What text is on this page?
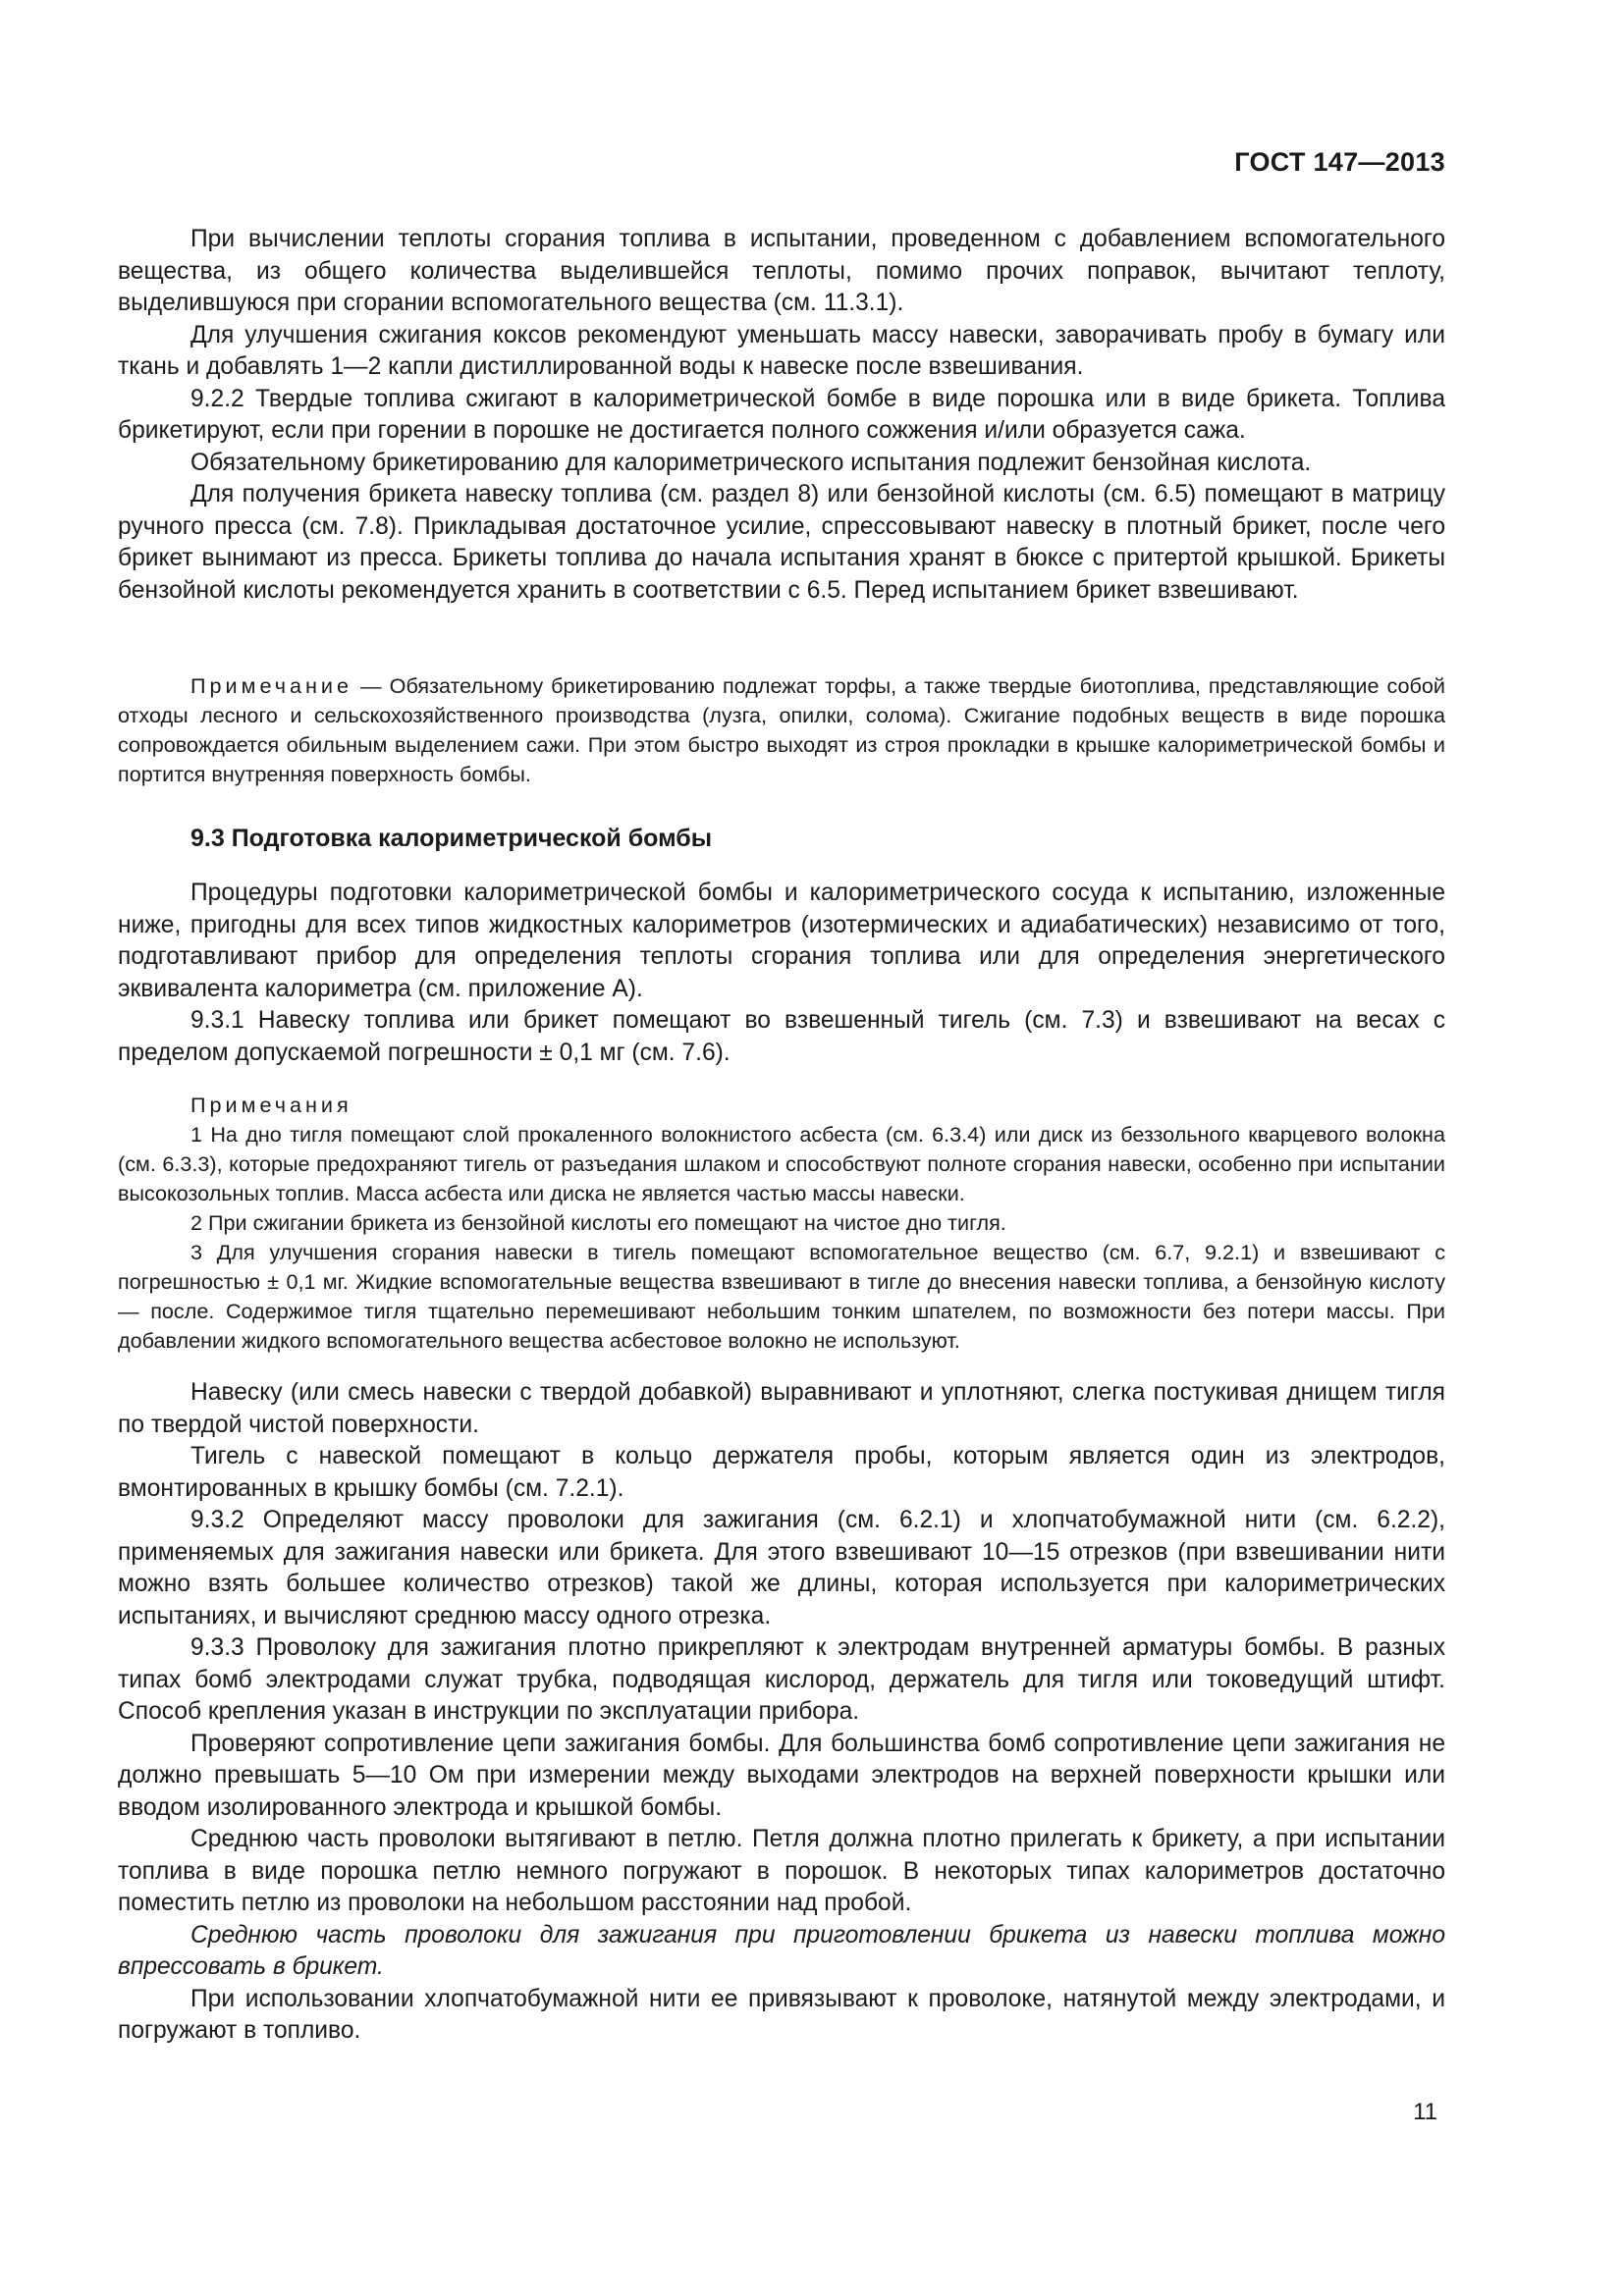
ГОСТ 147—2013

При вычислении теплоты сгорания топлива в испытании, проведенном с добавлением вспомогательного вещества, из общего количества выделившейся теплоты, помимо прочих поправок, вычитают теплоту, выделившуюся при сгорании вспомогательного вещества (см. 11.3.1).

Для улучшения сжигания коксов рекомендуют уменьшать массу навески, заворачивать пробу в бумагу или ткань и добавлять 1—2 капли дистиллированной воды к навеске после взвешивания.

9.2.2 Твердые топлива сжигают в калориметрической бомбе в виде порошка или в виде брикета. Топлива брикетируют, если при горении в порошке не достигается полного сожжения и/или образуется сажа.

Обязательному брикетированию для калориметрического испытания подлежит бензойная кислота.

Для получения брикета навеску топлива (см. раздел 8) или бензойной кислоты (см. 6.5) помещают в матрицу ручного пресса (см. 7.8). Прикладывая достаточное усилие, спрессовывают навеску в плотный брикет, после чего брикет вынимают из пресса. Брикеты топлива до начала испытания хранят в бюксе с притертой крышкой. Брикеты бензойной кислоты рекомендуется хранить в соответствии с 6.5. Перед испытанием брикет взвешивают.

Примечание — Обязательному брикетированию подлежат торфы, а также твердые биотоплива, представляющие собой отходы лесного и сельскохозяйственного производства (лузга, опилки, солома). Сжигание подобных веществ в виде порошка сопровождается обильным выделением сажи. При этом быстро выходят из строя прокладки в крышке калориметрической бомбы и портится внутренняя поверхность бомбы.

9.3 Подготовка калориметрической бомбы

Процедуры подготовки калориметрической бомбы и калориметрического сосуда к испытанию, изложенные ниже, пригодны для всех типов жидкостных калориметров (изотермических и адиабатических) независимо от того, подготавливают прибор для определения теплоты сгорания топлива или для определения энергетического эквивалента калориметра (см. приложение А).

9.3.1 Навеску топлива или брикет помещают во взвешенный тигель (см. 7.3) и взвешивают на весах с пределом допускаемой погрешности ± 0,1 мг (см. 7.6).

Примечания

1 На дно тигля помещают слой прокаленного волокнистого асбеста (см. 6.3.4) или диск из беззольного кварцевого волокна (см. 6.3.3), которые предохраняют тигель от разъедания шлаком и способствуют полноте сгорания навески, особенно при испытании высокозольных топлив. Масса асбеста или диска не является частью массы навески.

2 При сжигании брикета из бензойной кислоты его помещают на чистое дно тигля.

3 Для улучшения сгорания навески в тигель помещают вспомогательное вещество (см. 6.7, 9.2.1) и взвешивают с погрешностью ± 0,1 мг. Жидкие вспомогательные вещества взвешивают в тигле до внесения навески топлива, а бензойную кислоту — после. Содержимое тигля тщательно перемешивают небольшим тонким шпателем, по возможности без потери массы. При добавлении жидкого вспомогательного вещества асбестовое волокно не используют.

Навеску (или смесь навески с твердой добавкой) выравнивают и уплотняют, слегка постукивая днищем тигля по твердой чистой поверхности.

Тигель с навеской помещают в кольцо держателя пробы, которым является один из электродов, вмонтированных в крышку бомбы (см. 7.2.1).

9.3.2 Определяют массу проволоки для зажигания (см. 6.2.1) и хлопчатобумажной нити (см. 6.2.2), применяемых для зажигания навески или брикета. Для этого взвешивают 10—15 отрезков (при взвешивании нити можно взять большее количество отрезков) такой же длины, которая используется при калориметрических испытаниях, и вычисляют среднюю массу одного отрезка.

9.3.3 Проволоку для зажигания плотно прикрепляют к электродам внутренней арматуры бомбы. В разных типах бомб электродами служат трубка, подводящая кислород, держатель для тигля или токоведущий штифт. Способ крепления указан в инструкции по эксплуатации прибора.

Проверяют сопротивление цепи зажигания бомбы. Для большинства бомб сопротивление цепи зажигания не должно превышать 5—10 Ом при измерении между выходами электродов на верхней поверхности крышки или вводом изолированного электрода и крышкой бомбы.

Среднюю часть проволоки вытягивают в петлю. Петля должна плотно прилегать к брикету, а при испытании топлива в виде порошка петлю немного погружают в порошок. В некоторых типах калориметров достаточно поместить петлю из проволоки на небольшом расстоянии над пробой.

Среднюю часть проволоки для зажигания при приготовлении брикета из навески топлива можно впрессовать в брикет.

При использовании хлопчатобумажной нити ее привязывают к проволоке, натянутой между электродами, и погружают в топливо.

11
